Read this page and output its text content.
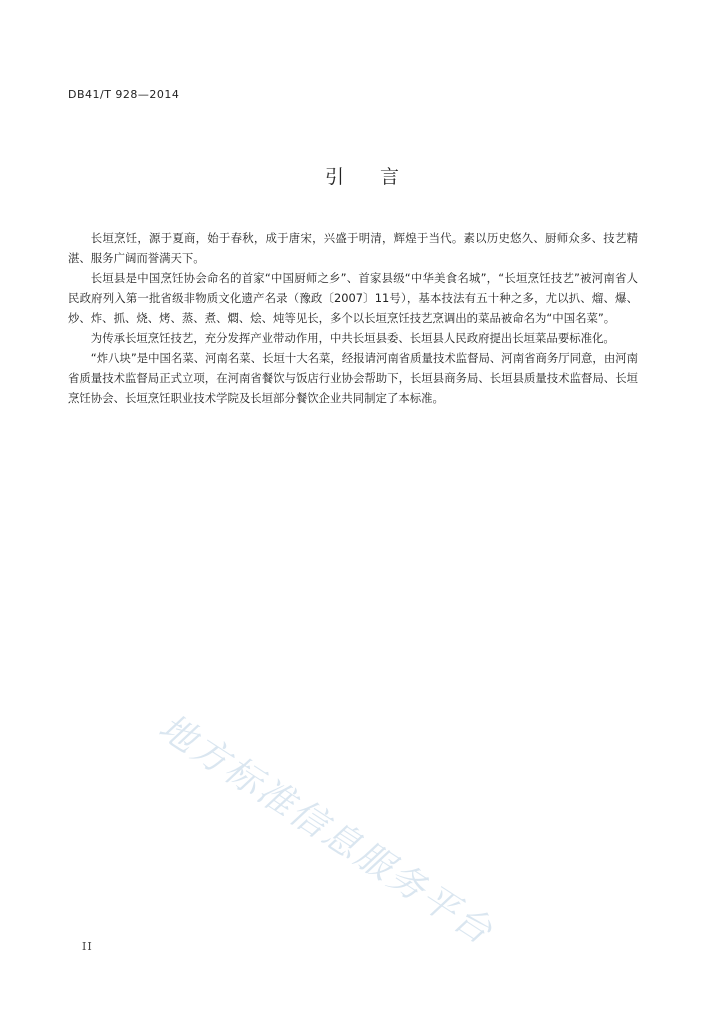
DB41/T 928—2014
引言

长垣烹饪，源于夏商，始于春秋，成于唐宋，兴盛于明清，辉煌于当代。素以历史悠久、厨师众多、技艺精湛、服务广阔而誉满天下。

长垣县是中国烹饪协会命名的首家“中国厨师之乡”、首家县级“中华美食名城”，“长垣烹饪技艺”被河南省人民政府列入第一批省级非物质文化遗产名录（豫政〔2007〕11号），基本技法有五十种之多，尤以扒、熘、爆、炒、炸、抓、烧、烤、蒸、煮、燜、烩、炖等见长，多个以长垣烹饪技艺烹调出的菜品被命名为“中国名菜”。

为传承长垣烹饪技艺，充分发挥产业带动作用，中共长垣县委、长垣县人民政府提出长垣菜品要标准化。

“炸八块”是中国名菜、河南名菜、长垣十大名菜，经报请河南省质量技术监督局、河南省商务厅同意，由河南省质量技术监督局正式立项，在河南省餐饮与饭店行业协会帮助下，长垣县商务局、长垣县质量技术监督局、长垣烹饪协会、长垣烹饪职业技术学院及长垣部分餐饮企业共同制定了本标准。

地方标准信息服务平台
II
